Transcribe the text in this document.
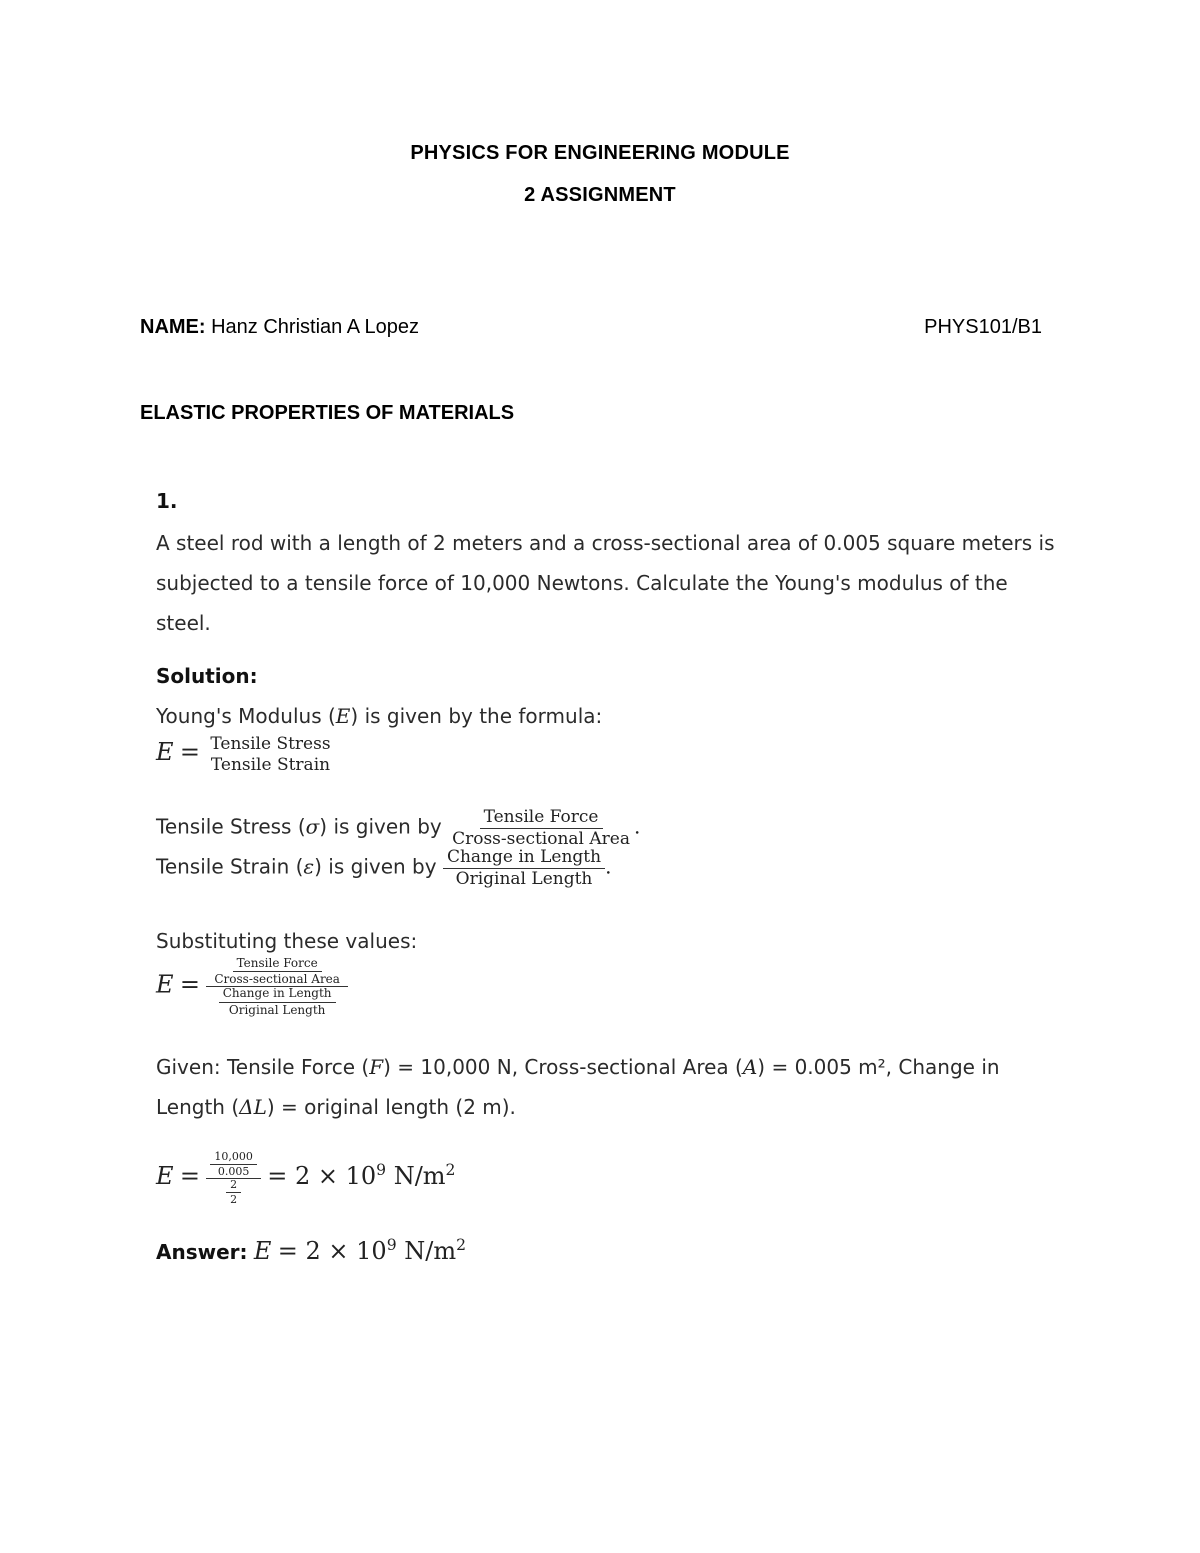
PHYSICS FOR ENGINEERING MODULE
2 ASSIGNMENT
NAME: Hanz Christian A Lopez	PHYS101/B1
ELASTIC PROPERTIES OF MATERIALS
1.
A steel rod with a length of 2 meters and a cross-sectional area of 0.005 square meters is subjected to a tensile force of 10,000 Newtons. Calculate the Young's modulus of the steel.
Solution:
Young's Modulus (E) is given by the formula:
E = Tensile Stress
Tensile Strain
Tensile Stress (σ) is given by $\frac{\text{Tensile Force}}{\text{Cross-sectional Area}}$ .
Tensile Strain (ε) is given by $\frac{\text{Change in Length}}{\text{Original Length}}$ .
Substituting these values:
$E = \frac{\frac{\text{Tensile Force}}{\text{Cross-sectional Area}}}{\frac{\text{Change in Length}}{\text{Original Length}}}$
Given: Tensile Force (F) = 10,000 N, Cross-sectional Area (A) = 0.005 m², Change in
Length (ΔL) = original length (2 m).
$E = \frac{\frac{10,000}{0.005}}{\frac{2}{2}} = 2 \times 10^9$ $N/m^2$
Answer: $E = 2 \times 10^9$ $N/m^2$
